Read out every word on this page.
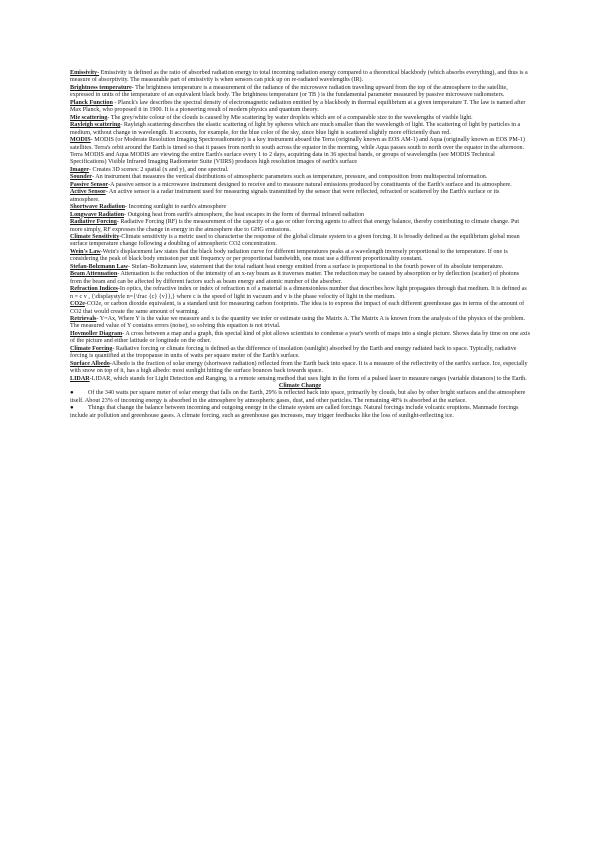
Emissivity- Emissivity is defined as the ratio of absorbed radiation energy to total incoming radiation energy compared to a theoretical blackbody (which absorbs everything), and thus is a measure of absorptivity. The measurable part of emissivity is when sensors can pick up on re-radiated wavelengths (IR).

Brightness temperature- The brightness temperature is a measurement of the radiance of the microwave radiation traveling upward from the top of the atmosphere to the satellite, expressed in units of the temperature of an equivalent black body. The brightness temperature (or TB ) is the fundamental parameter measured by passive microwave radiometers.

Planck Function - Planck's law describes the spectral density of electromagnetic radiation emitted by a blackbody in thermal equilibrium at a given temperature T. The law is named after Max Planck, who proposed it in 1900. It is a pioneering result of modern physics and quantum theory.

Mie scattering- The grey/white colour of the clouds is caused by Mie scattering by water droplets which are of a comparable size to the wavelengths of visible light.

Rayleigh scattering- Rayleigh scattering describes the elastic scattering of light by spheres which are much smaller than the wavelength of light. The scattering of light by particles in a medium, without change in wavelength. It accounts, for example, for the blue color of the sky, since blue light is scattered slightly more efficiently than red.

MODIS- MODIS (or Moderate Resolution Imaging Spectroradiometer) is a key instrument aboard the Terra (originally known as EOS AM-1) and Aqua (originally known as EOS PM-1) satellites. Terra's orbit around the Earth is timed so that it passes from north to south across the equator in the morning, while Aqua passes south to north over the equator in the afternoon. Terra MODIS and Aqua MODIS are viewing the entire Earth's surface every 1 to 2 days, acquiring data in 36 spectral bands, or groups of wavelengths (see MODIS Technical Specifications) Visible Infrared Imaging Radiometer Suite (VIIRS) produces high resolution images of earth's surface

Imager- Creates 3D scenes: 2 spatial (x and y), and one spectral.

Sounder- An instrument that measures the vertical distributions of atmospheric parameters such as temperature, pressure, and composition from multispectral information.

Passive Sensor-A passive sensor is a microwave instrument designed to receive and to measure natural emissions produced by constituents of the Earth's surface and its atmosphere.

Active Sensor- An active sensor is a radar instrument used for measuring signals transmitted by the sensor that were reflected, refracted or scattered by the Earth's surface or its atmosphere.

Shortwave Radiation- Incoming sunlight to earth's atmosphere

Longwave Radiation- Outgoing heat from earth's atmosphere, the heat escapes in the form of thermal infrared radiation

Radiative Forcing- Radiative Forcing (RF) is the measurement of the capacity of a gas or other forcing agents to affect that energy balance, thereby contributing to climate change. Put more simply, RF expresses the change in energy in the atmosphere due to GHG emissions.

Climate Sensitivity-Climate sensitivity is a metric used to characterise the response of the global climate system to a given forcing. It is broadly defined as the equilibrium global mean surface temperature change following a doubling of atmospheric CO2 concentration.

Wein's Law-Wein's displacement law states that the black body radiation curve for different temperatures peaks at a wavelength inversely proportional to the temperature. If one is considering the peak of black body emission per unit frequency or per proportional bandwidth, one must use a different proportionality constant.

Stefan-Bolzmann Law- Stefan–Boltzmann law, statement that the total radiant heat energy emitted from a surface is proportional to the fourth power of its absolute temperature.

Beam Attenuation- Attenuation is the reduction of the intensity of an x-ray beam as it traverses matter. The reduction may be caused by absorption or by deflection (scatter) of photons from the beam and can be affected by different factors such as beam energy and atomic number of the absorber.

Refraction Indices-In optics, the refractive index or index of refraction n of a material is a dimensionless number that describes how light propagates through that medium. It is defined as n = c v , {\displaystyle n={\frac {c} {v}},} where c is the speed of light in vacuum and v is the phase velocity of light in the medium.

CO2e-CO2e, or carbon dioxide equivalent, is a standard unit for measuring carbon footprints. The idea is to express the impact of each different greenhouse gas in terms of the amount of CO2 that would create the same amount of warming.

Retrievals- Y=Ax, Where Y is the value we measure and x is the quantity we infer or estimate using the Matrix A. The Matrix A is known from the analysis of the physics of the problem. The measured value of Y contains errors (noise), so solving this equation is not trivial.

Hovmoller Diagram- A cross between a map and a graph, this special kind of plot allows scientists to condense a year's worth of maps into a single picture. Shows data by time on one axis of the picture and either latitude or longitude on the other.

Climate Forcing- Radiative forcing or climate forcing is defined as the difference of insolation (sunlight) absorbed by the Earth and energy radiated back to space. Typically, radiative forcing is quantified at the tropopause in units of watts per square meter of the Earth's surface.

Surface Albedo-Albedo is the fraction of solar energy (shortwave radiation) reflected from the Earth back into space. It is a measure of the reflectivity of the earth's surface. Ice, especially with snow on top of it, has a high albedo: most sunlight hitting the surface bounces back towards space.

LIDAR-LIDAR, which stands for Light Detection and Ranging, is a remote sensing method that uses light in the form of a pulsed laser to measure ranges (variable distances) to the Earth.

Climate Change

● Of the 340 watts per square meter of solar energy that falls on the Earth, 29% is reflected back into space, primarily by clouds, but also by other bright surfaces and the atmosphere itself. About 23% of incoming energy is absorbed in the atmosphere by atmospheric gases, dust, and other particles. The remaining 48% is absorbed at the surface.

● Things that change the balance between incoming and outgoing energy in the climate system are called forcings. Natural forcings include volcanic eruptions. Manmade forcings include air pollution and greenhouse gases. A climate forcing, such as greenhouse gas increases, may trigger feedbacks like the loss of sunlight-reflecting ice.
